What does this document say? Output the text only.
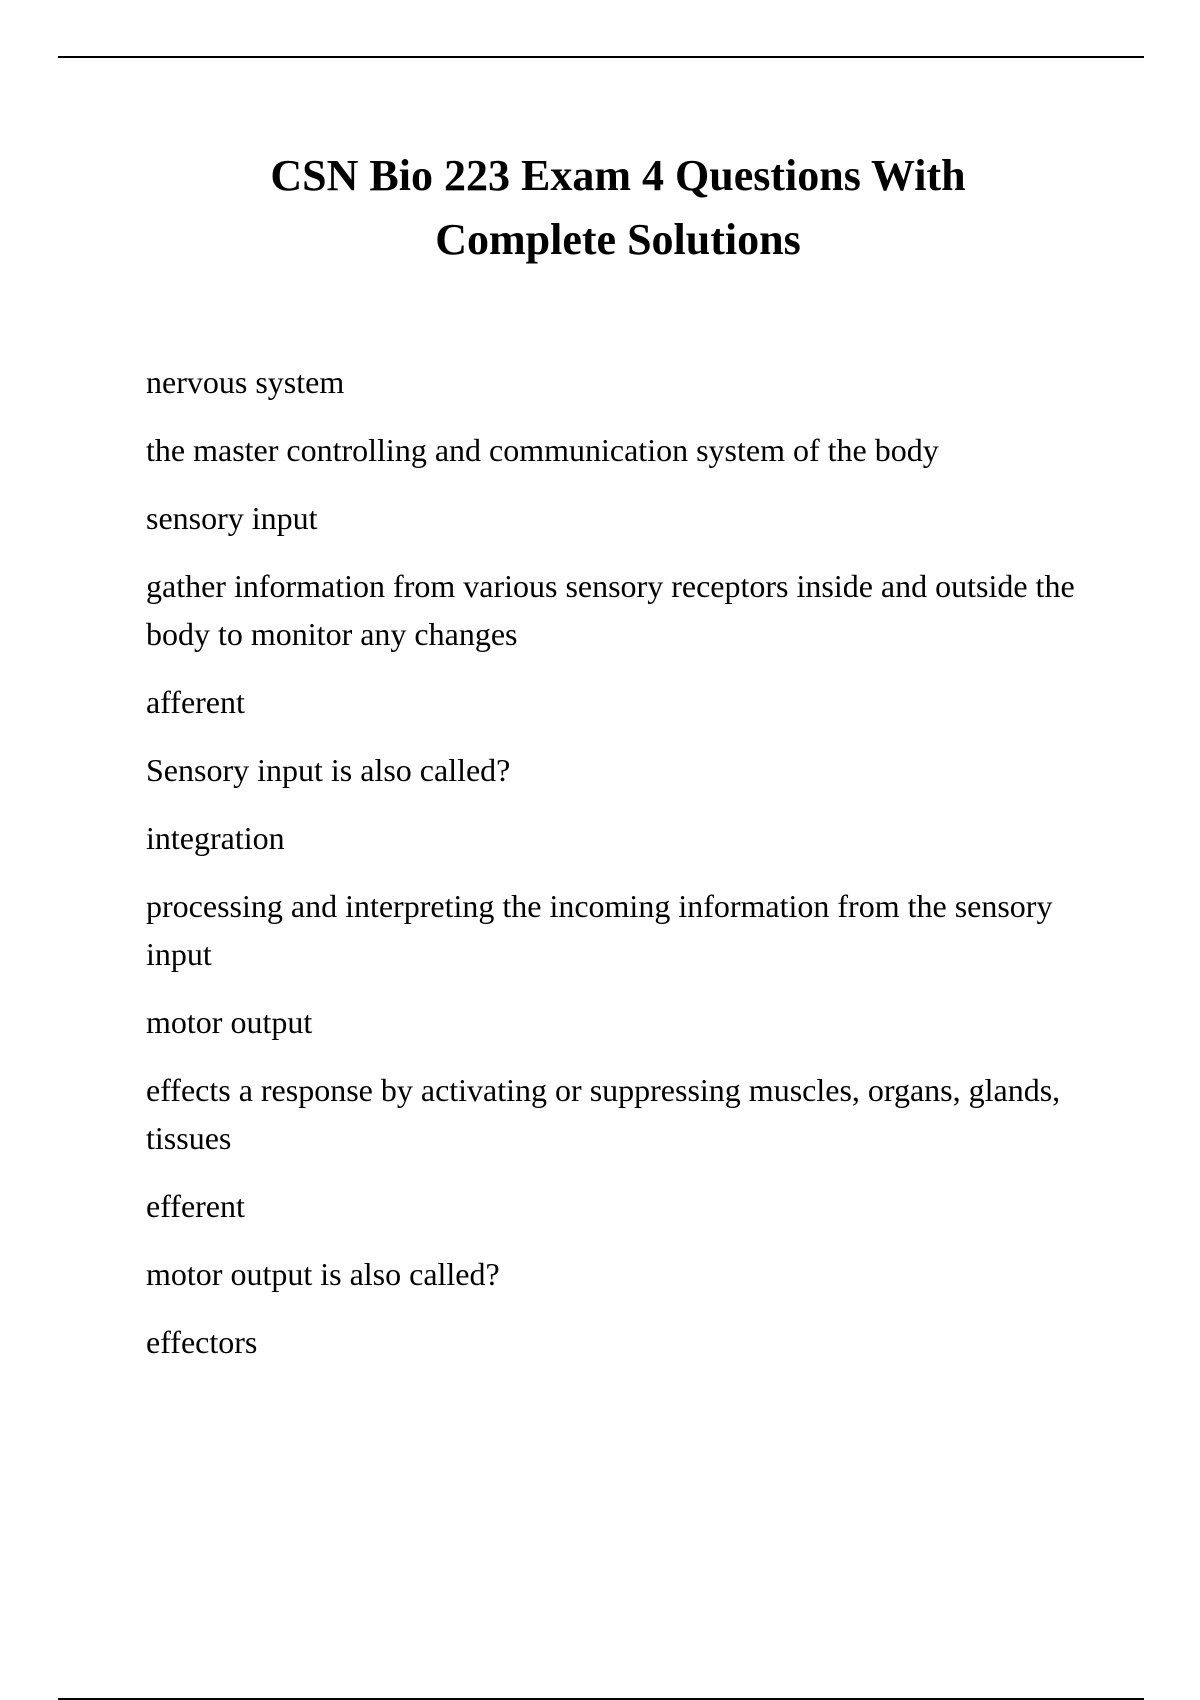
CSN Bio 223 Exam 4 Questions With
Complete Solutions

nervous system

the master controlling and communication system of the body

sensory input

gather information from various sensory receptors inside and outside the body to monitor any changes

afferent

Sensory input is also called?

integration

processing and interpreting the incoming information from the sensory input

motor output

effects a response by activating or suppressing muscles, organs, glands, tissues

efferent

motor output is also called?

effectors
